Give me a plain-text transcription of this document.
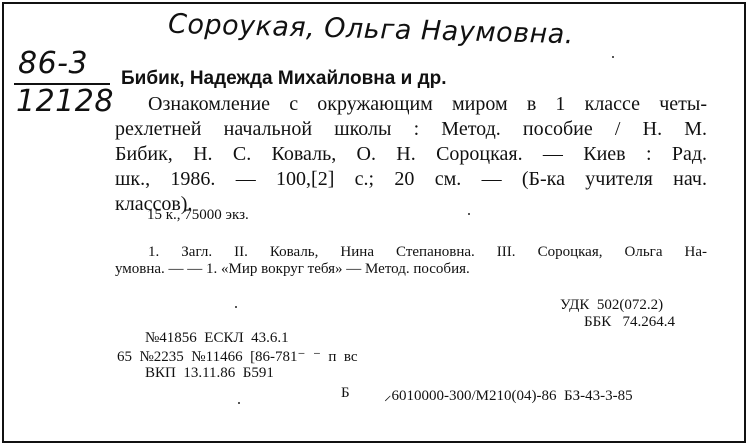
Сороукая, Ольга Наумовна.
86-3
12128
Бибик, Надежда Михайловна и др.
Ознакомление с окружающим миром в 1 классе четы-
рехлетней начальной школы : Метод. пособие / Н. М.
Бибик, Н. С. Коваль, О. Н. Сороцкая. — Киев : Рад.
шк., 1986. — 100,[2] с.; 20 см. — (Б-ка учителя нач.
классов).
15 к., 75000 экз.
1. Загл. II. Коваль, Нина Степановна. III. Сороцкая, Ольга На-
умовна. — — 1. «Мир вокруг тебя» — Метод. пособия.
УДК  502(072.2)
ББК   74.264.4
№41856  ЕСКЛ  43.6.1
65  №2235  №11466  [86-781⁻  ⁻  п  вс
ВКП  13.11.86  Б591
Б ⸝6010000-300/М210(04)-86  БЗ-43-3-85
